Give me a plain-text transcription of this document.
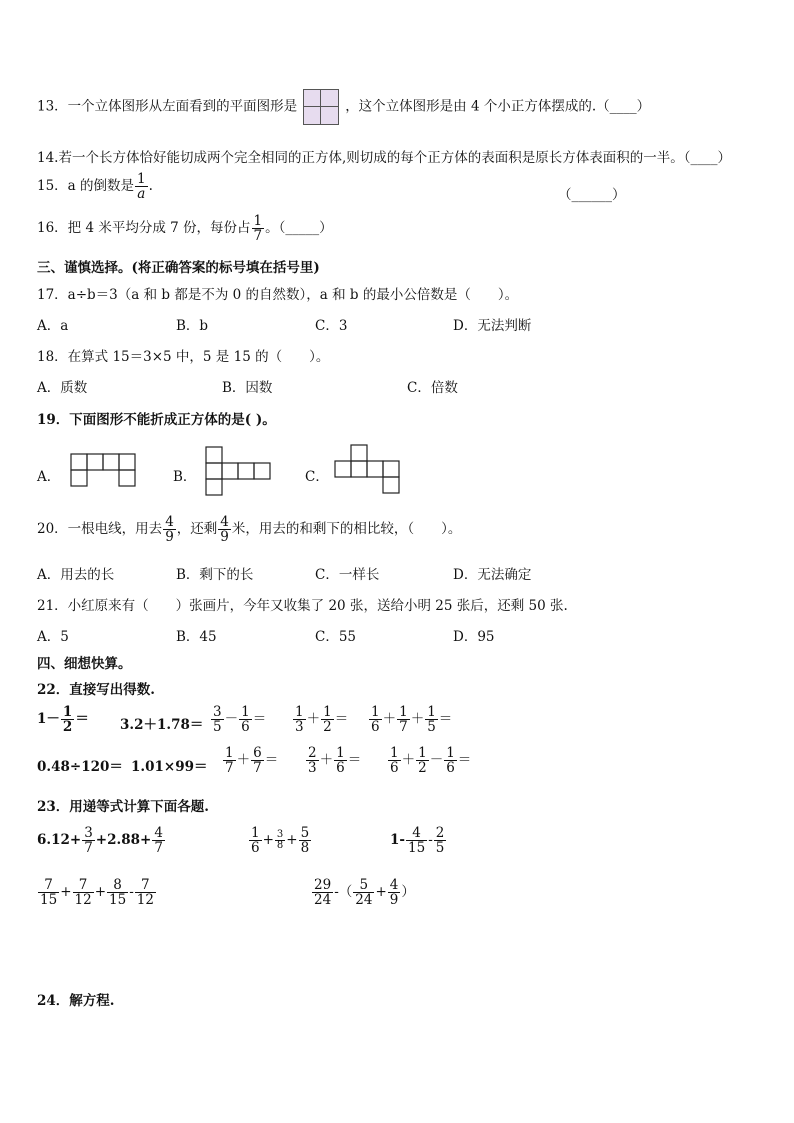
13．一个立体图形从左面看到的平面图形是	，这个立体图形是由 4 个小正方体摆成的.（____）
14.若一个长方体恰好能切成两个完全相同的正方体,则切成的每个正方体的表面积是原长方体表面积的一半。（____）
15．a 的倒数是 $\frac{1}{a}$ .
（______）
16．把 4 米平均分成 7 份，每份占 $\frac{1}{7}$ 。（_____）
三、谨慎选择。(将正确答案的标号填在括号里)
17．a÷b＝3（a 和 b 都是不为 0 的自然数），a 和 b 的最小公倍数是（　　）。
A．a	B．b	C．3	D．无法判断
18．在算式 15＝3×5 中，5 是 15 的（　　）。
A．质数	B．因数	C．倍数
19．下面图形不能折成正方体的是( )。
A．	B．	C．
20．一根电线，用去 $\frac{4}{9}$ ，还剩 $\frac{4}{9}$ 米，用去的和剩下的相比较，（　　）。
A．用去的长	B．剩下的长	C．一样长	D．无法确定
21．小红原来有（　　）张画片，今年又收集了 20 张，送给小明 25 张后，还剩 50 张.
A．5	B．45	C．55	D．95
四、细想快算。
22．直接写出得数.
$1- \frac{1}{2} = 3.2+1.78= \frac{3}{5} - \frac{1}{6} = \frac{1}{3} + \frac{1}{2} = \frac{1}{6} + \frac{1}{7} + \frac{1}{5}$ ＝
$0.48\div 120= 1.01\times 99= \frac{1}{7} + \frac{6}{7} = \frac{2}{3} + \frac{1}{6} = \frac{1}{6} + \frac{1}{2} - \frac{1}{6}$ ＝
23．用递等式计算下面各题.
$6.12+ \frac{3}{7} +2.88+ \frac{4}{7}$	$\frac{1}{6} + \frac{3}{8} + \frac{5}{8}$	$1- \frac{4}{15} - \frac{2}{5}$
$\frac{7}{15} + \frac{7}{12} + \frac{8}{15} - \frac{7}{12}$	$\frac{29}{24}$ -（ $\frac{5}{24} + \frac{4}{9}$ ）
24．解方程.
